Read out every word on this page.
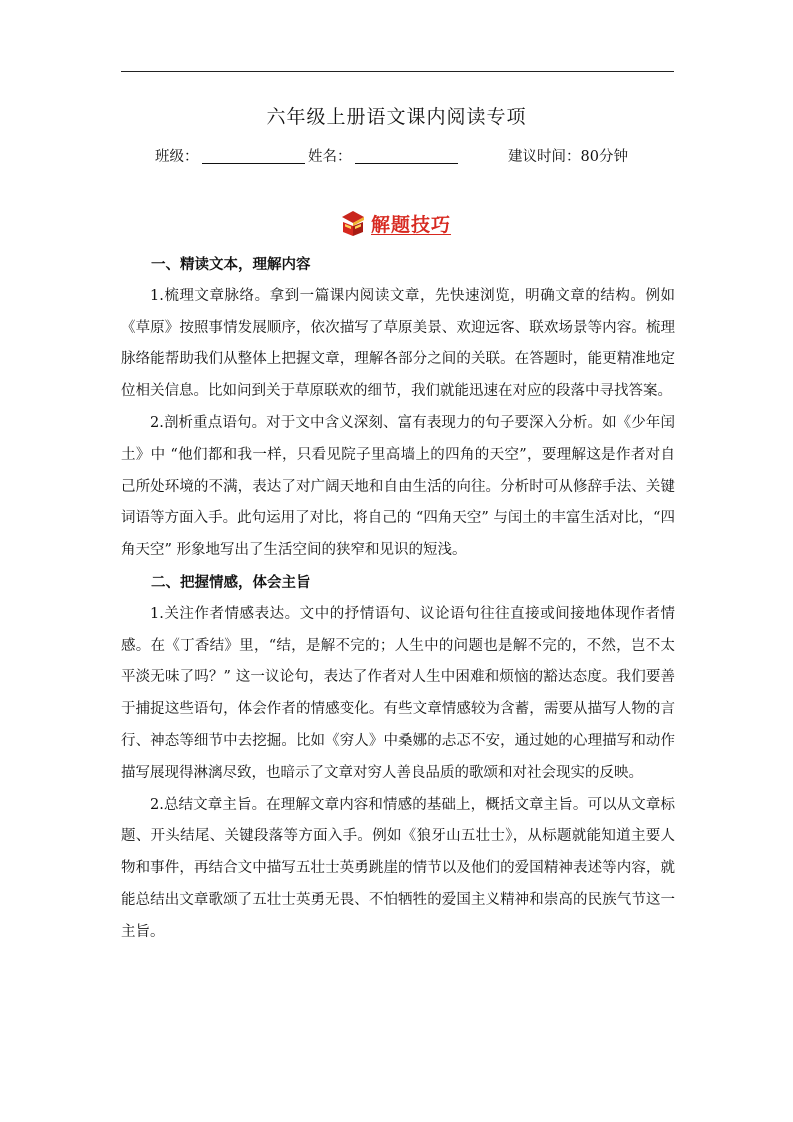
六年级上册语文课内阅读专项
班级：	姓名：	建议时间：80分钟
解题技巧
一、精读文本，理解内容

1.梳理文章脉络。拿到一篇课内阅读文章，先快速浏览，明确文章的结构。例如《草原》按照事情发展顺序，依次描写了草原美景、欢迎远客、联欢场景等内容。梳理脉络能帮助我们从整体上把握文章，理解各部分之间的关联。在答题时，能更精准地定位相关信息。比如问到关于草原联欢的细节，我们就能迅速在对应的段落中寻找答案。

2.剖析重点语句。对于文中含义深刻、富有表现力的句子要深入分析。如《少年闰土》中 “他们都和我一样，只看见院子里高墙上的四角的天空”，要理解这是作者对自己所处环境的不满，表达了对广阔天地和自由生活的向往。分析时可从修辞手法、关键词语等方面入手。此句运用了对比，将自己的 “四角天空” 与闰土的丰富生活对比，“四角天空” 形象地写出了生活空间的狭窄和见识的短浅。

二、把握情感，体会主旨

1.关注作者情感表达。文中的抒情语句、议论语句往往直接或间接地体现作者情感。在《丁香结》里，“结，是解不完的；人生中的问题也是解不完的，不然，岂不太平淡无味了吗？” 这一议论句，表达了作者对人生中困难和烦恼的豁达态度。我们要善于捕捉这些语句，体会作者的情感变化。有些文章情感较为含蓄，需要从描写人物的言行、神态等细节中去挖掘。比如《穷人》中桑娜的忐忑不安，通过她的心理描写和动作描写展现得淋漓尽致，也暗示了文章对穷人善良品质的歌颂和对社会现实的反映。

2.总结文章主旨。在理解文章内容和情感的基础上，概括文章主旨。可以从文章标题、开头结尾、关键段落等方面入手。例如《狼牙山五壮士》，从标题就能知道主要人物和事件，再结合文中描写五壮士英勇跳崖的情节以及他们的爱国精神表述等内容，就能总结出文章歌颂了五壮士英勇无畏、不怕牺牲的爱国主义精神和崇高的民族气节这一主旨。
